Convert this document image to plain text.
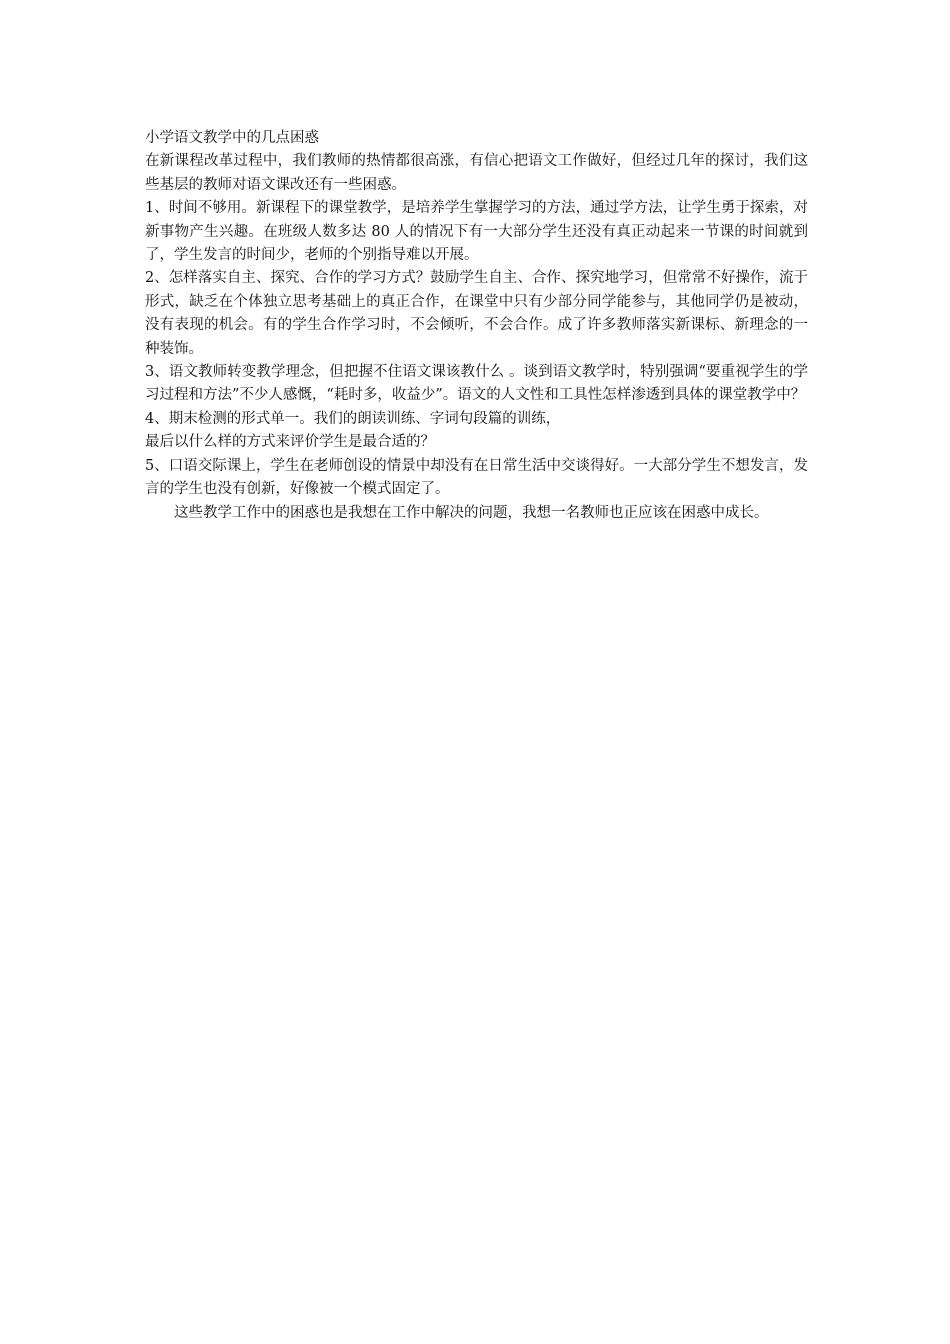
小学语文教学中的几点困惑

在新课程改革过程中，我们教师的热情都很高涨，有信心把语文工作做好，但经过几年的探讨，我们这些基层的教师对语文课改还有一些困惑。

1、时间不够用。新课程下的课堂教学，是培养学生掌握学习的方法，通过学方法，让学生勇于探索，对新事物产生兴趣。在班级人数多达 80 人的情况下有一大部分学生还没有真正动起来一节课的时间就到了，学生发言的时间少，老师的个别指导难以开展。

2、怎样落实自主、探究、合作的学习方式？鼓励学生自主、合作、探究地学习，但常常不好操作，流于形式，缺乏在个体独立思考基础上的真正合作，在课堂中只有少部分同学能参与，其他同学仍是被动，没有表现的机会。有的学生合作学习时，不会倾听，不会合作。成了许多教师落实新课标、新理念的一种装饰。

3、语文教师转变教学理念，但把握不住语文课该教什么 。谈到语文教学时，特别强调“要重视学生的学习过程和方法”不少人感慨，“耗时多，收益少”。语文的人文性和工具性怎样渗透到具体的课堂教学中？

4、期末检测的形式单一。我们的朗读训练、字词句段篇的训练，

最后以什么样的方式来评价学生是最合适的？

5、口语交际课上，学生在老师创设的情景中却没有在日常生活中交谈得好。一大部分学生不想发言，发言的学生也没有创新，好像被一个模式固定了。

这些教学工作中的困惑也是我想在工作中解决的问题，我想一名教师也正应该在困惑中成长。
